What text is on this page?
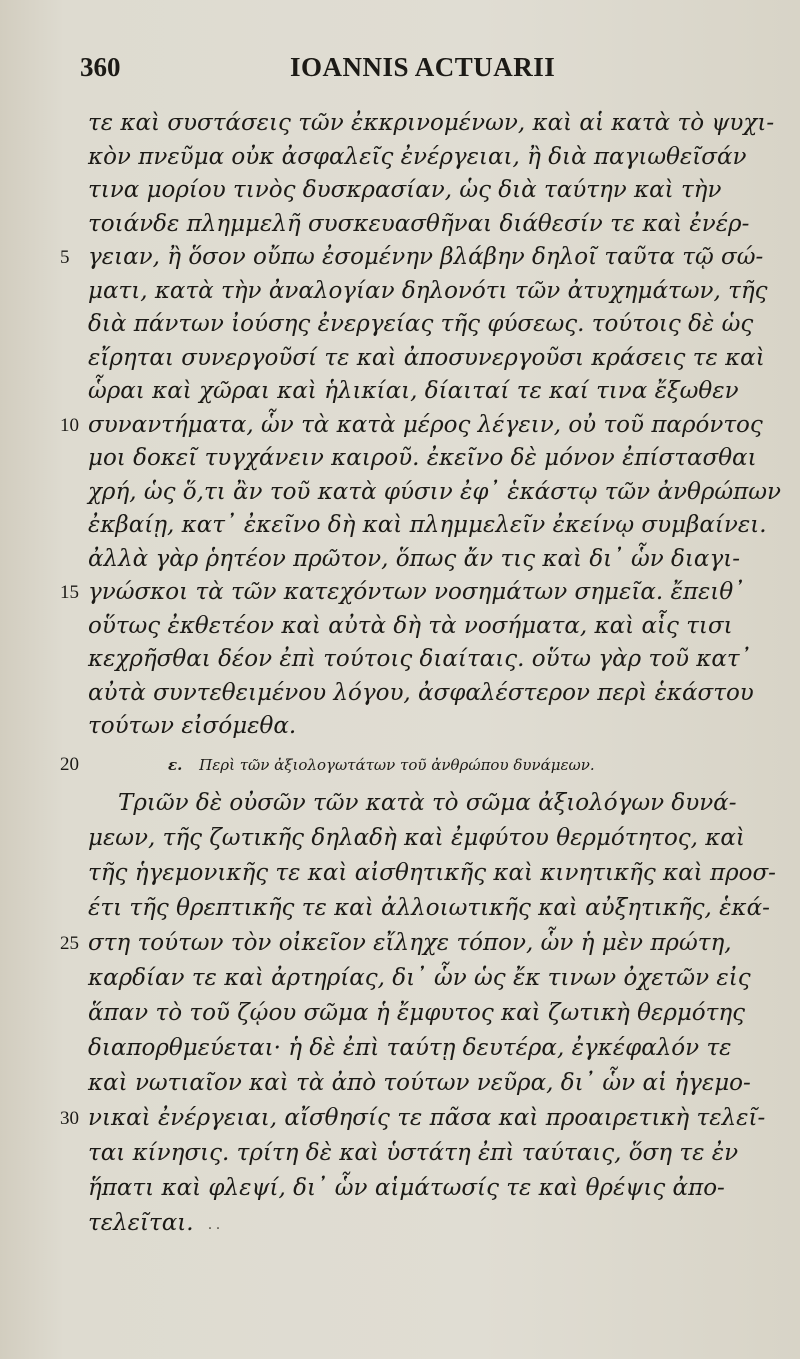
360	IOANNIS ACTUARII
τε καὶ συστάσεις τῶν ἐκκρινομένων, καὶ αἱ κατὰ τὸ ψυχι-
κὸν πνεῦμα οὐκ ἀσφαλεῖς ἐνέργειαι, ἢ διὰ παγιωθεῖσάν
τινα μορίου τινὸς δυσκρασίαν, ὡς διὰ ταύτην καὶ τὴν
τοιάνδε πλημμελῆ συσκευασθῆναι διάθεσίν τε καὶ ἐνέρ-
γειαν, ἢ ὅσον οὔπω ἐσομένην βλάβην δηλοῖ ταῦτα τῷ σώ-
ματι, κατὰ τὴν ἀναλογίαν δηλονότι τῶν ἀτυχημάτων, τῆς
διὰ πάντων ἰούσης ἐνεργείας τῆς φύσεως. τούτοις δὲ ὡς
εἴρηται συνεργοῦσί τε καὶ ἀποσυνεργοῦσι κράσεις τε καὶ
ὧραι καὶ χῶραι καὶ ἡλικίαι, δίαιταί τε καί τινα ἔξωθεν
συναντήματα, ὧν τὰ κατὰ μέρος λέγειν, οὐ τοῦ παρόντος
μοι δοκεῖ τυγχάνειν καιροῦ. ἐκεῖνο δὲ μόνον ἐπίστασθαι
χρή, ὡς ὅ,τι ἂν τοῦ κατὰ φύσιν ἐφ᾽ ἑκάστῳ τῶν ἀνθρώπων
ἐκβαίῃ, κατ᾽ ἐκεῖνο δὴ καὶ πλημμελεῖν ἐκείνῳ συμβαίνει.
ἀλλὰ γὰρ ῥητέον πρῶτον, ὅπως ἄν τις καὶ δι᾽ ὧν διαγι-
γνώσκοι τὰ τῶν κατεχόντων νοσημάτων σημεῖα. ἔπειθ᾽
οὕτως ἐκθετέον καὶ αὐτὰ δὴ τὰ νοσήματα, καὶ αἷς τισι
κεχρῆσθαι δέον ἐπὶ τούτοις διαίταις. οὕτω γὰρ τοῦ κατ᾽
αὐτὰ συντεθειμένου λόγου, ἀσφαλέστερον περὶ ἑκάστου
τούτων εἰσόμεθα.
5
10
15
20
25
30
ε. Περὶ τῶν ἀξιολογωτάτων τοῦ ἀνθρώπου δυνάμεων.
Τριῶν δὲ οὐσῶν τῶν κατὰ τὸ σῶμα ἀξιολόγων δυνά-
μεων, τῆς ζωτικῆς δηλαδὴ καὶ ἐμφύτου θερμότητος, καὶ
τῆς ἡγεμονικῆς τε καὶ αἰσθητικῆς καὶ κινητικῆς καὶ προσ-
έτι τῆς θρεπτικῆς τε καὶ ἀλλοιωτικῆς καὶ αὐξητικῆς, ἑκά-
στη τούτων τὸν οἰκεῖον εἴληχε τόπον, ὧν ἡ μὲν πρώτη,
καρδίαν τε καὶ ἀρτηρίας, δι᾽ ὧν ὡς ἔκ τινων ὀχετῶν εἰς
ἅπαν τὸ τοῦ ζῴου σῶμα ἡ ἔμφυτος καὶ ζωτικὴ θερμότης
διαπορθμεύεται· ἡ δὲ ἐπὶ ταύτῃ δευτέρα, ἐγκέφαλόν τε
καὶ νωτιαῖον καὶ τὰ ἀπὸ τούτων νεῦρα, δι᾽ ὧν αἱ ἡγεμο-
νικαὶ ἐνέργειαι, αἴσθησίς τε πᾶσα καὶ προαιρετικὴ τελεῖ-
ται κίνησις. τρίτη δὲ καὶ ὑστάτη ἐπὶ ταύταις, ὅση τε ἐν
ἥπατι καὶ φλεψί, δι᾽ ὧν αἱμάτωσίς τε καὶ θρέψις ἀπο-
τελεῖται. . .
